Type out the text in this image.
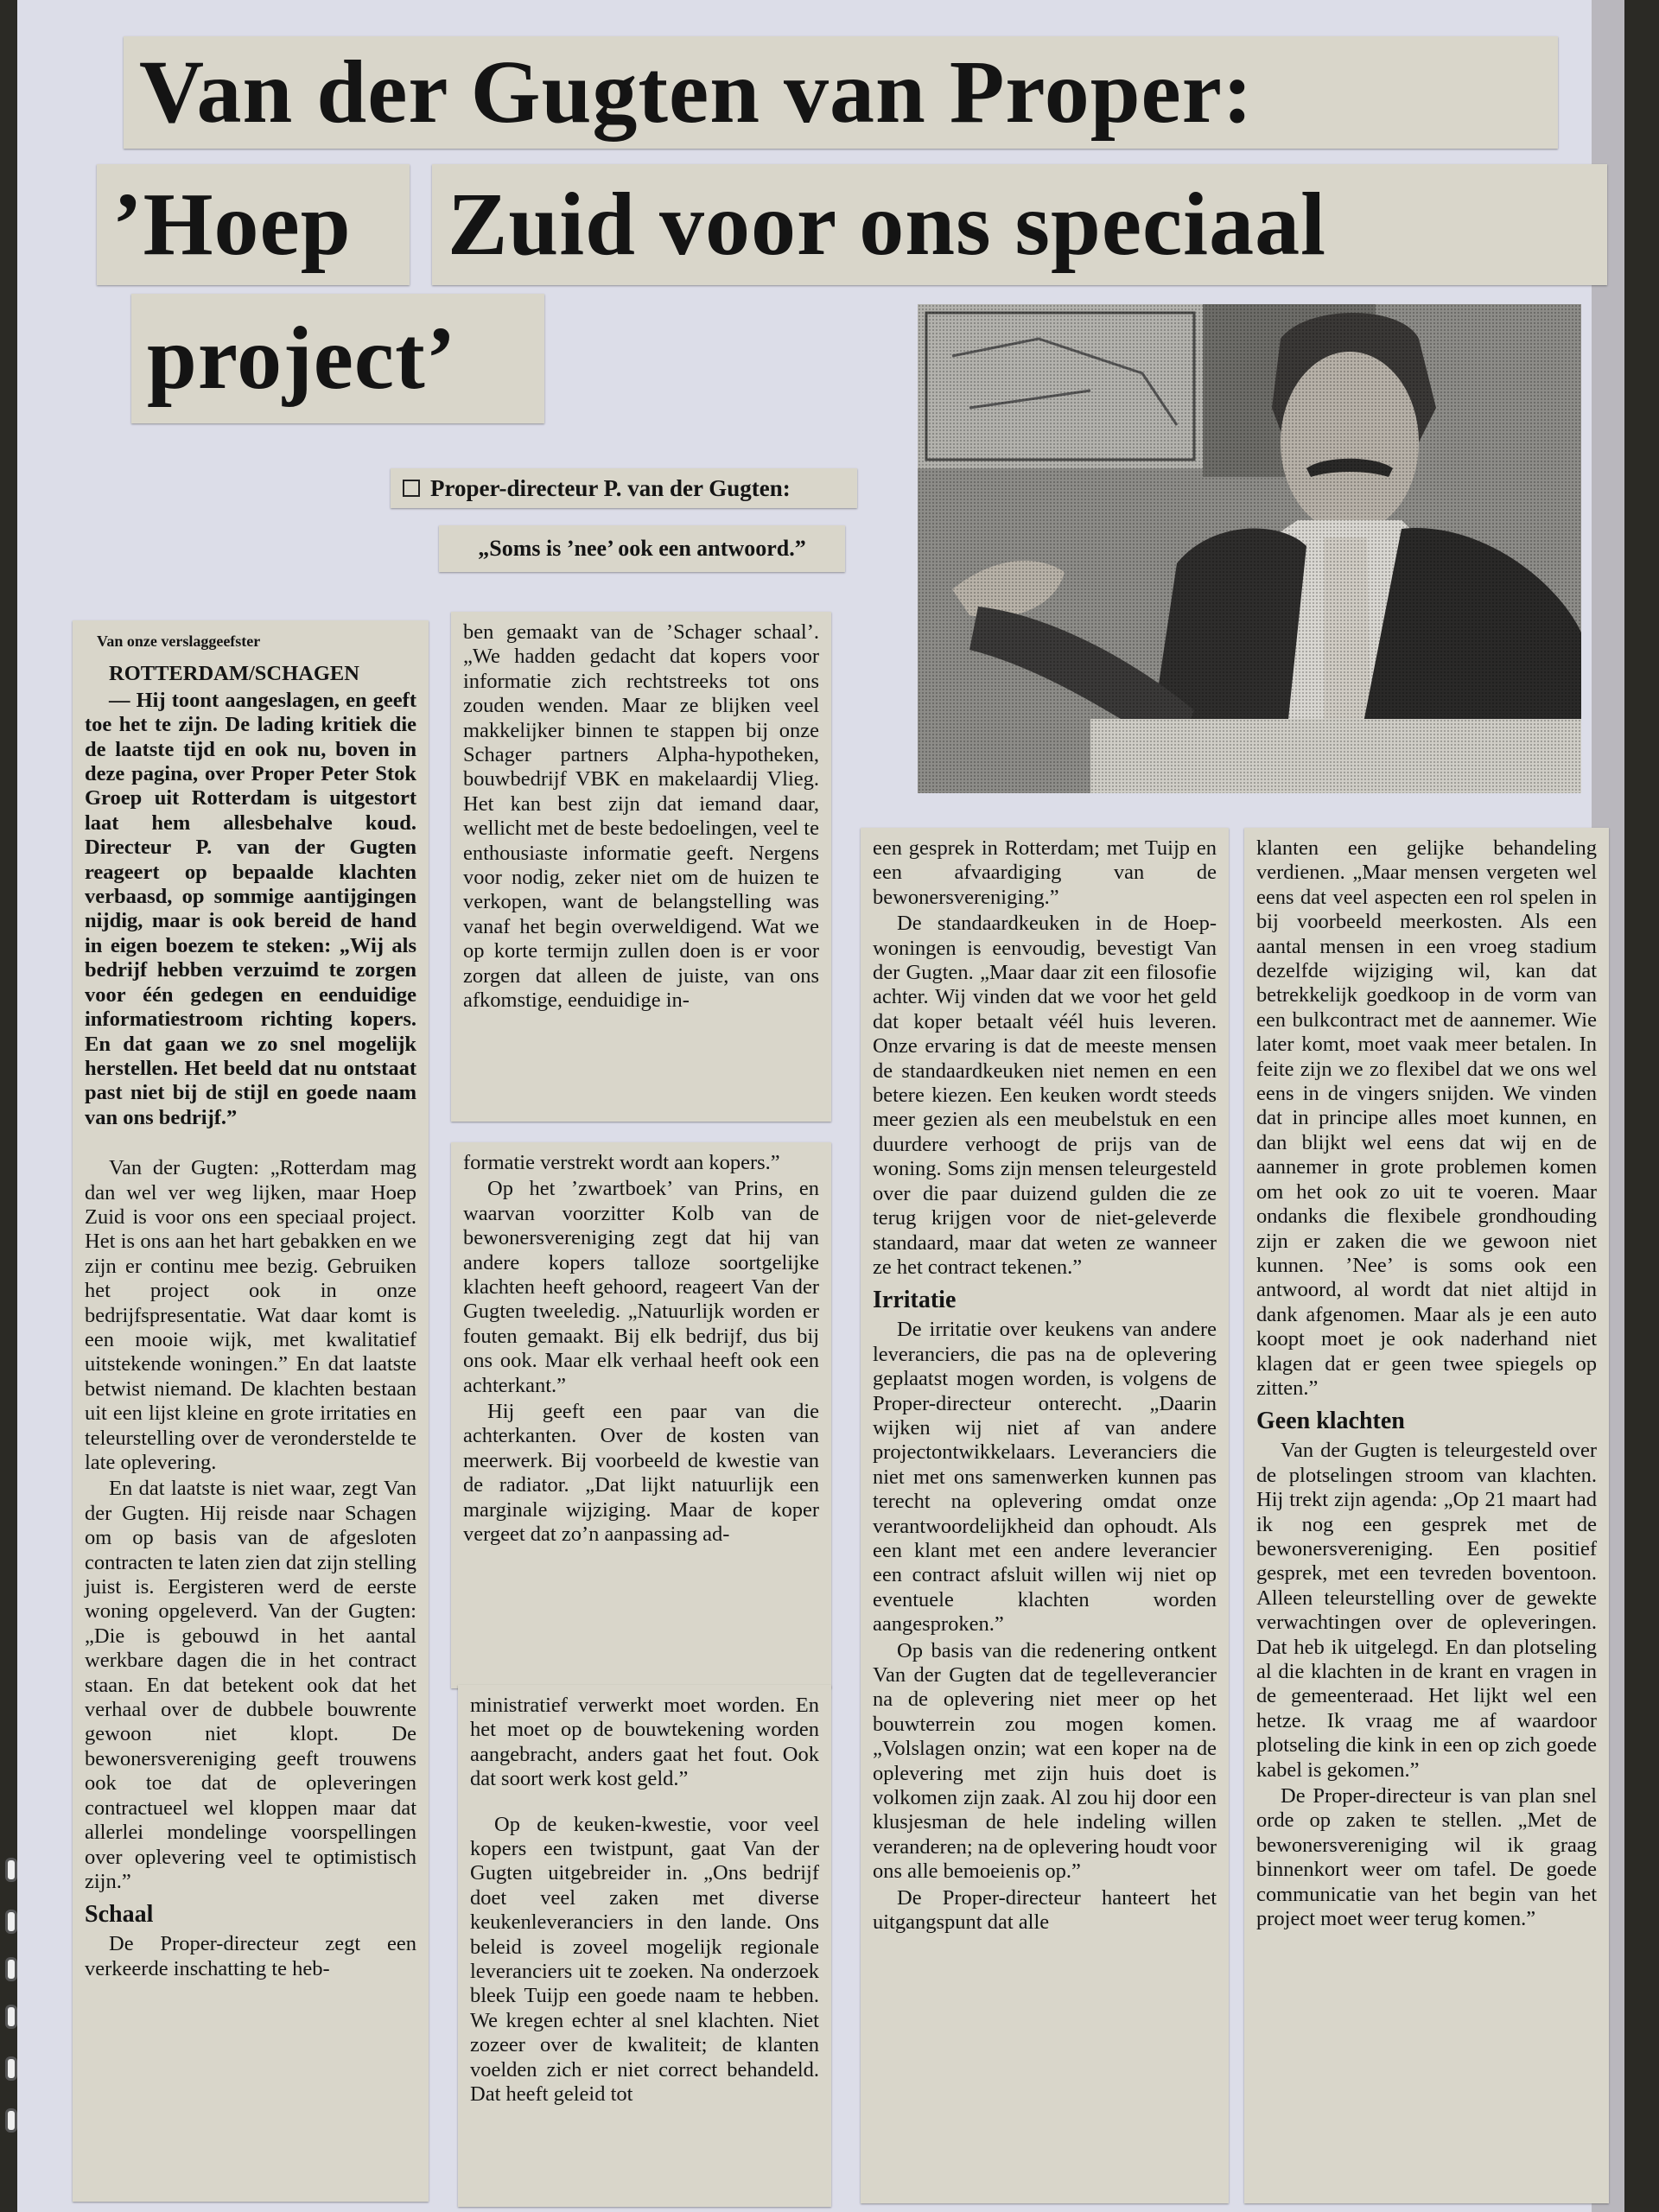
Van der Gugten van Proper:
’Hoep	Zuid voor ons speciaal
project’
Proper-directeur P. van der Gugten:
„Soms is ’nee’ ook een antwoord.”

Van onze verslaggeefster

ROTTERDAM/SCHAGEN

— Hij toont aangeslagen, en geeft toe het te zijn. De lading kritiek die de laatste tijd en ook nu, boven in deze pagina, over Proper Peter Stok Groep uit Rotterdam is uitgestort laat hem allesbehalve koud. Directeur P. van der Gugten reageert op bepaalde klachten verbaasd, op sommige aantijgingen nijdig, maar is ook bereid de hand in eigen boezem te steken: „Wij als bedrijf hebben verzuimd te zorgen voor één gedegen en eenduidige informatiestroom richting kopers. En dat gaan we zo snel mogelijk herstellen. Het beeld dat nu ontstaat past niet bij de stijl en goede naam van ons bedrijf.”

Van der Gugten: „Rotterdam mag dan wel ver weg lijken, maar Hoep Zuid is voor ons een speciaal project. Het is ons aan het hart gebakken en we zijn er continu mee bezig. Gebruiken het project ook in onze bedrijfspresentatie. Wat daar komt is een mooie wijk, met kwalitatief uitstekende woningen.” En dat laatste betwist niemand. De klachten bestaan uit een lijst kleine en grote irritaties en teleurstelling over de veronderstelde te late oplevering.

En dat laatste is niet waar, zegt Van der Gugten. Hij reisde naar Schagen om op basis van de afgesloten contracten te laten zien dat zijn stelling juist is. Eergisteren werd de eerste woning opgeleverd. Van der Gugten: „Die is gebouwd in het aantal werkbare dagen die in het contract staan. En dat betekent ook dat het verhaal over de dubbele bouwrente gewoon niet klopt. De bewonersvereniging geeft trouwens ook toe dat de opleveringen contractueel wel kloppen maar dat allerlei mondelinge voorspellingen over oplevering veel te optimistisch zijn.”

Schaal

De Proper-directeur zegt een verkeerde inschatting te heb-

ben gemaakt van de ’Schager schaal’. „We hadden gedacht dat kopers voor informatie zich rechtstreeks tot ons zouden wenden. Maar ze blijken veel makkelijker binnen te stappen bij onze Schager partners Alpha-hypotheken, bouwbedrijf VBK en makelaardij Vlieg. Het kan best zijn dat iemand daar, wellicht met de beste bedoelingen, veel te enthousiaste informatie geeft. Nergens voor nodig, zeker niet om de huizen te verkopen, want de belangstelling was vanaf het begin overweldigend. Wat we op korte termijn zullen doen is er voor zorgen dat alleen de juiste, van ons afkomstige, eenduidige in-

formatie verstrekt wordt aan kopers.”

Op het ’zwartboek’ van Prins, en waarvan voorzitter Kolb van de bewonersvereniging zegt dat hij van andere kopers talloze soortgelijke klachten heeft gehoord, reageert Van der Gugten tweeledig. „Natuurlijk worden er fouten gemaakt. Bij elk bedrijf, dus bij ons ook. Maar elk verhaal heeft ook een achterkant.”

Hij geeft een paar van die achterkanten. Over de kosten van meerwerk. Bij voorbeeld de kwestie van de radiator. „Dat lijkt natuurlijk een marginale wijziging. Maar de koper vergeet dat zo’n aanpassing ad-

ministratief verwerkt moet worden. En het moet op de bouwtekening worden aangebracht, anders gaat het fout. Ook dat soort werk kost geld.”

Op de keuken-kwestie, voor veel kopers een twistpunt, gaat Van der Gugten uitgebreider in. „Ons bedrijf doet veel zaken met diverse keukenleveranciers in den lande. Ons beleid is zoveel mogelijk regionale leveranciers uit te zoeken. Na onderzoek bleek Tuijp een goede naam te hebben. We kregen echter al snel klachten. Niet zozeer over de kwaliteit; de klanten voelden zich er niet correct behandeld. Dat heeft geleid tot

een gesprek in Rotterdam; met Tuijp en een afvaardiging van de bewonersvereniging.”

De standaardkeuken in de Hoep-woningen is eenvoudig, bevestigt Van der Gugten. „Maar daar zit een filosofie achter. Wij vinden dat we voor het geld dat koper betaalt véél huis leveren. Onze ervaring is dat de meeste mensen de standaardkeuken niet nemen en een betere kiezen. Een keuken wordt steeds meer gezien als een meubelstuk en een duurdere verhoogt de prijs van de woning. Soms zijn mensen teleurgesteld over die paar duizend gulden die ze terug krijgen voor de niet-geleverde standaard, maar dat weten ze wanneer ze het contract tekenen.”

Irritatie

De irritatie over keukens van andere leveranciers, die pas na de oplevering geplaatst mogen worden, is volgens de Proper-directeur onterecht. „Daarin wijken wij niet af van andere projectontwikkelaars. Leveranciers die niet met ons samenwerken kunnen pas terecht na oplevering omdat onze verantwoordelijkheid dan ophoudt. Als een klant met een andere leverancier een contract afsluit willen wij niet op eventuele klachten worden aangesproken.”

Op basis van die redenering ontkent Van der Gugten dat de tegelleverancier na de oplevering niet meer op het bouwterrein zou mogen komen. „Volslagen onzin; wat een koper na de oplevering met zijn huis doet is volkomen zijn zaak. Al zou hij door een klusjesman de hele indeling willen veranderen; na de oplevering houdt voor ons alle bemoeienis op.”

De Proper-directeur hanteert het uitgangspunt dat alle

klanten een gelijke behandeling verdienen. „Maar mensen vergeten wel eens dat veel aspecten een rol spelen in bij voorbeeld meerkosten. Als een aantal mensen in een vroeg stadium dezelfde wijziging wil, kan dat betrekkelijk goedkoop in de vorm van een bulkcontract met de aannemer. Wie later komt, moet vaak meer betalen. In feite zijn we zo flexibel dat we ons wel eens in de vingers snijden. We vinden dat in principe alles moet kunnen, en dan blijkt wel eens dat wij en de aannemer in grote problemen komen om het ook zo uit te voeren. Maar ondanks die flexibele grondhouding zijn er zaken die we gewoon niet kunnen. ’Nee’ is soms ook een antwoord, al wordt dat niet altijd in dank afgenomen. Maar als je een auto koopt moet je ook naderhand niet klagen dat er geen twee spiegels op zitten.”

Geen klachten

Van der Gugten is teleurgesteld over de plotselingen stroom van klachten. Hij trekt zijn agenda: „Op 21 maart had ik nog een gesprek met de bewonersvereniging. Een positief gesprek, met een tevreden boventoon. Alleen teleurstelling over de gewekte verwachtingen over de opleveringen. Dat heb ik uitgelegd. En dan plotseling al die klachten in de krant en vragen in de gemeenteraad. Het lijkt wel een hetze. Ik vraag me af waardoor plotseling die kink in een op zich goede kabel is gekomen.”

De Proper-directeur is van plan snel orde op zaken te stellen. „Met de bewonersvereniging wil ik graag binnenkort weer om tafel. De goede communicatie van het begin van het project moet weer terug komen.”
